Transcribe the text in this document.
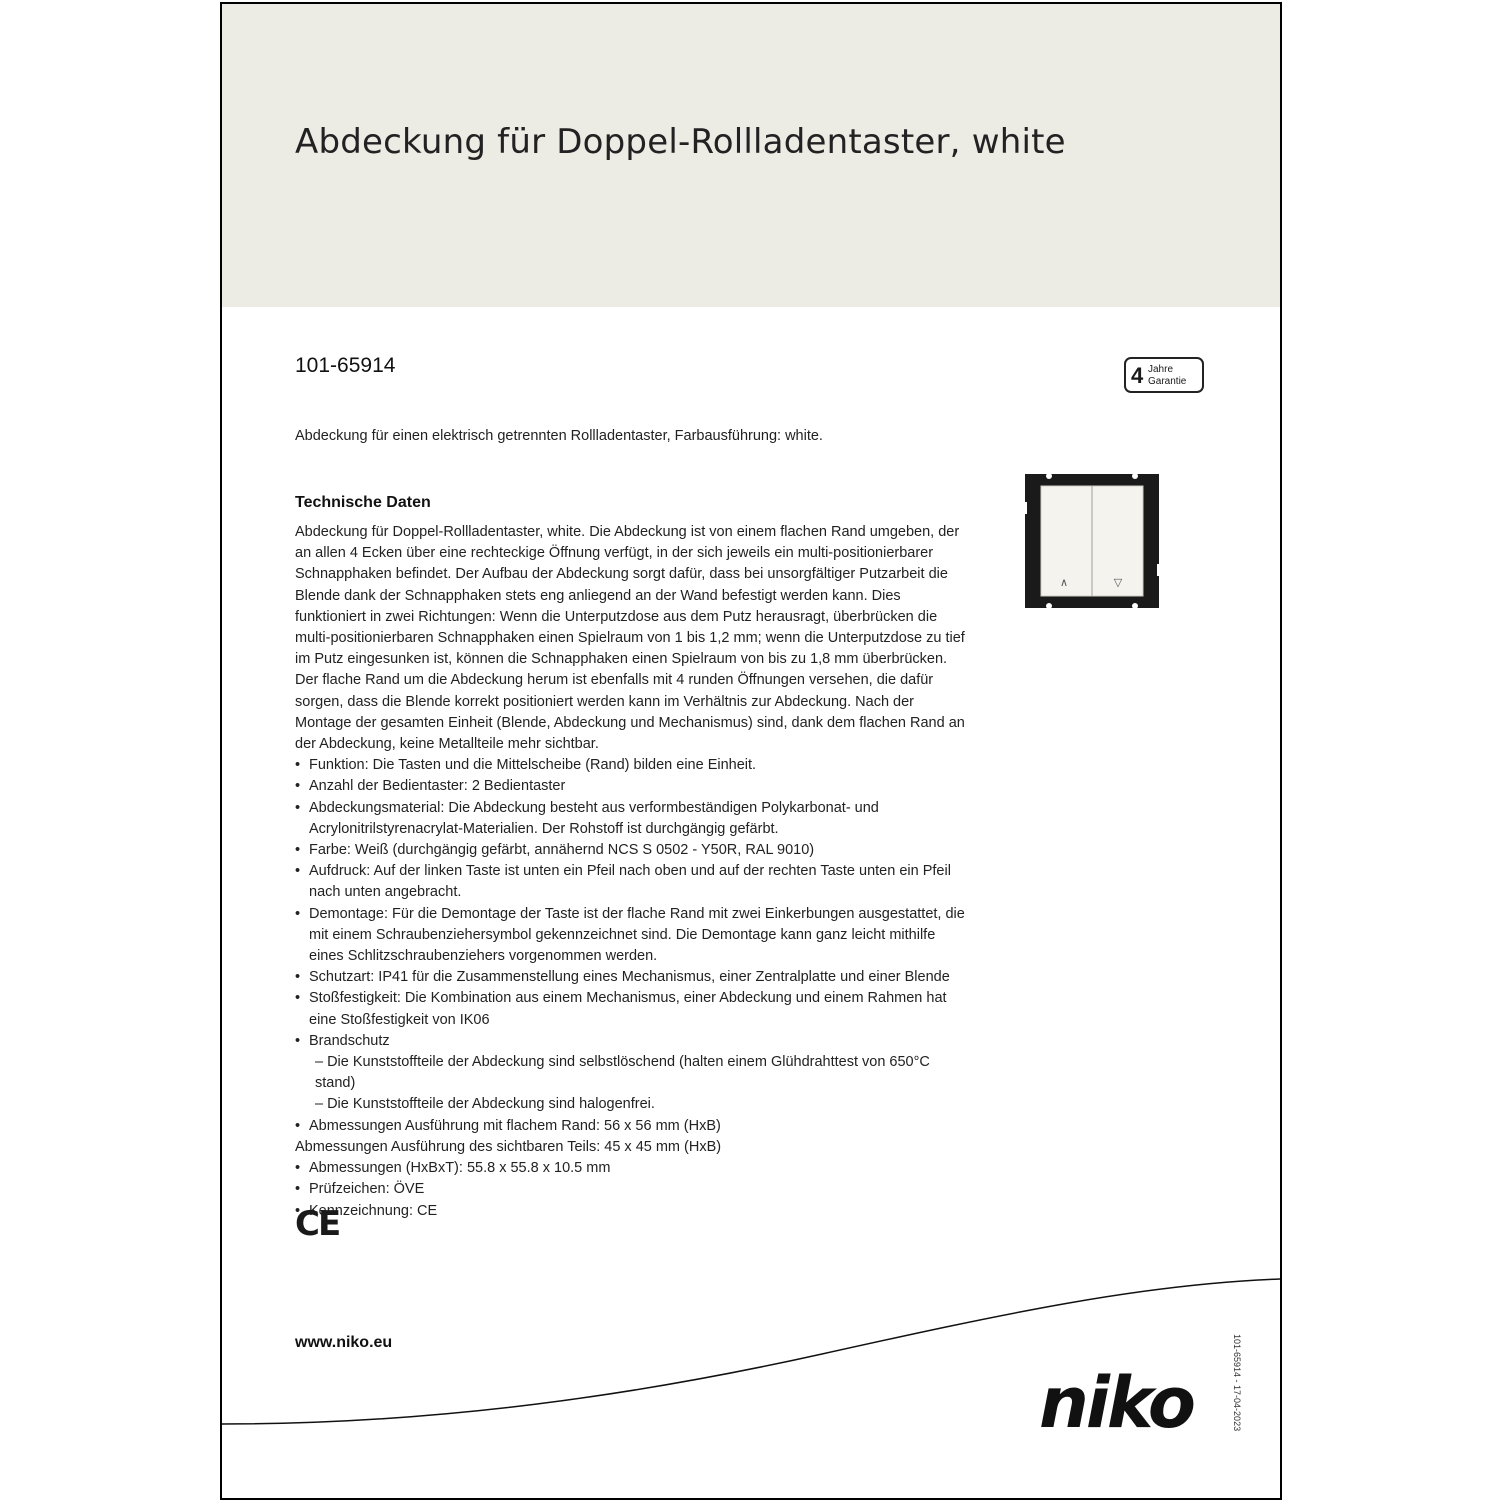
Abdeckung für Doppel-Rollladentaster, white
101-65914	4 Jahre
Garantie
Abdeckung für einen elektrisch getrennten Rollladentaster, Farbausführung: white.
Technische Daten

Abdeckung für Doppel-Rollladentaster, white. Die Abdeckung ist von einem flachen Rand umgeben, der an allen 4 Ecken über eine rechteckige Öffnung verfügt, in der sich jeweils ein multi-positionierbarer Schnapphaken befindet. Der Aufbau der Abdeckung sorgt dafür, dass bei unsorgfältiger Putzarbeit die Blende dank der Schnapphaken stets eng anliegend an der Wand befestigt werden kann. Dies funktioniert in zwei Richtungen: Wenn die Unterputzdose aus dem Putz herausragt, überbrücken die multi-positionierbaren Schnapphaken einen Spielraum von 1 bis 1,2 mm; wenn die Unterputzdose zu tief im Putz eingesunken ist, können die Schnapphaken einen Spielraum von bis zu 1,8 mm überbrücken. Der flache Rand um die Abdeckung herum ist ebenfalls mit 4 runden Öffnungen versehen, die dafür sorgen, dass die Blende korrekt positioniert werden kann im Verhältnis zur Abdeckung. Nach der Montage der gesamten Einheit (Blende, Abdeckung und Mechanismus) sind, dank dem flachen Rand an der Abdeckung, keine Metallteile mehr sichtbar.

• Funktion: Die Tasten und die Mittelscheibe (Rand) bilden eine Einheit.
• Anzahl der Bedientaster: 2 Bedientaster
• Abdeckungsmaterial: Die Abdeckung besteht aus verformbeständigen Polykarbonat- und Acrylonitrilstyrenacrylat-Materialien. Der Rohstoff ist durchgängig gefärbt.
• Farbe: Weiß (durchgängig gefärbt, annähernd NCS S 0502 - Y50R, RAL 9010)
• Aufdruck: Auf der linken Taste ist unten ein Pfeil nach oben und auf der rechten Taste unten ein Pfeil nach unten angebracht.
• Demontage: Für die Demontage der Taste ist der flache Rand mit zwei Einkerbungen ausgestattet, die mit einem Schraubenziehersymbol gekennzeichnet sind. Die Demontage kann ganz leicht mithilfe eines Schlitzschraubenziehers vorgenommen werden.
• Schutzart: IP41 für die Zusammenstellung eines Mechanismus, einer Zentralplatte und einer Blende
• Stoßfestigkeit: Die Kombination aus einem Mechanismus, einer Abdeckung und einem Rahmen hat eine Stoßfestigkeit von IK06
• Brandschutz

– Die Kunststoffteile der Abdeckung sind selbstlöschend (halten einem Glühdrahttest von 650°C stand)

– Die Kunststoffteile der Abdeckung sind halogenfrei.

• Abmessungen Ausführung mit flachem Rand: 56 x 56 mm (HxB)

Abmessungen Ausführung des sichtbaren Teils: 45 x 45 mm (HxB)

• Abmessungen (HxBxT): 55.8 x 55.8 x 10.5 mm
• Prüfzeichen: ÖVE
• Kennzeichnung: CE
∧	▽
CE
www.niko.eu
niko	101-65914 - 17-04-2023
